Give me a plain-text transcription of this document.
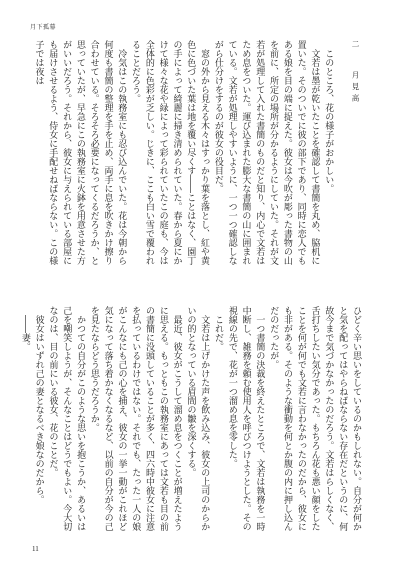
月下孤幕

二　月見高

このところ、花の様子がおかしい。

文若は墨が乾いたことを確認して書簡を丸め、脇机に置いた。そのついでに彼の部下であり、同時に恋人でもある娘を目の端に捉えた。彼女は今吹が彫った書物の山を前に、所定の場所が分かるようにしていた。それが文若が処理して入れた書簡のものだと知り、内心で文若はため息をついた。運び込まれた膨大な書簡の山に囲まれている。文若が処理しやすいように、一つ一つ確認しながら仕分けをするのが彼女の役目だ。

窓の外から見える木々はすっかり葉を落とし、紅や黄色に色づいた葉は地を覆い尽くす――ことはなく、園丁の手によって綺麗に掃き清められていた。春から夏にかけて様々な花や緑によって彩られていたこの庭も、今は全体的に色彩が乏しい。じきに、ここも白い雪で覆われることだろう。

冷気はこの執務室にも忍び込んでいた。花は今朝から何度も書簡の整理を手を止め、両手に息を吹きかけ擦り合わせている。そろそろ必要になってくるだろうか、と思っていたが、早急にこの執務室に火鉢を用意させた方がいいだろう。それから、彼女に与えられている部屋にも届けさせるよう、侍女に手配せねばならない。この様子では夜は

ひどく辛い思いをしているのかもしれない。自分が何かと気を配ってはやらねばならない存在だというのに、何故今まで気づかなかったのだろう。文若はらしくなく、舌打ちしたい気分であった。もちろん花も悪い顔をしたことを何が何でも文若に言わなかったのだから、彼女にも非がある。そのような衝動を何とか腹の内に押し込んだのだったが。

一つ書簡の決裁を終えたところで、文若は執務を一時中断し、雑務を頼む使用人を呼びつけようとした。その視線の先で、花が一つ溜め息を零した。

これだ。

文若は上げかけた声を飲み込み、彼女の上司のからかいの的となっている眉間の皺を深くする。

最近、彼女がこうして溜め息をつくことが増えたように思える。もっともこの執務室にあっては文若も目の前の書簡に没頭していることが多く、四六時中彼女に注意を払っているわけではない。それでも、たった一人の娘がこんなにも己の心を捕え、彼女の一挙一動がこれほど気になって落ち着かなくなるなど、以前の自分が今の己を見たならどう思うだろうか。

かつての自分がこのような思いを抱こうか、あるいは己を嘲笑しようが、そんなことはどうでもよい。今大切なのは、目の前にいる彼女、花のことだ。

彼女はいずれ己の妻となるべき娘なのだから。

――妻。

11
